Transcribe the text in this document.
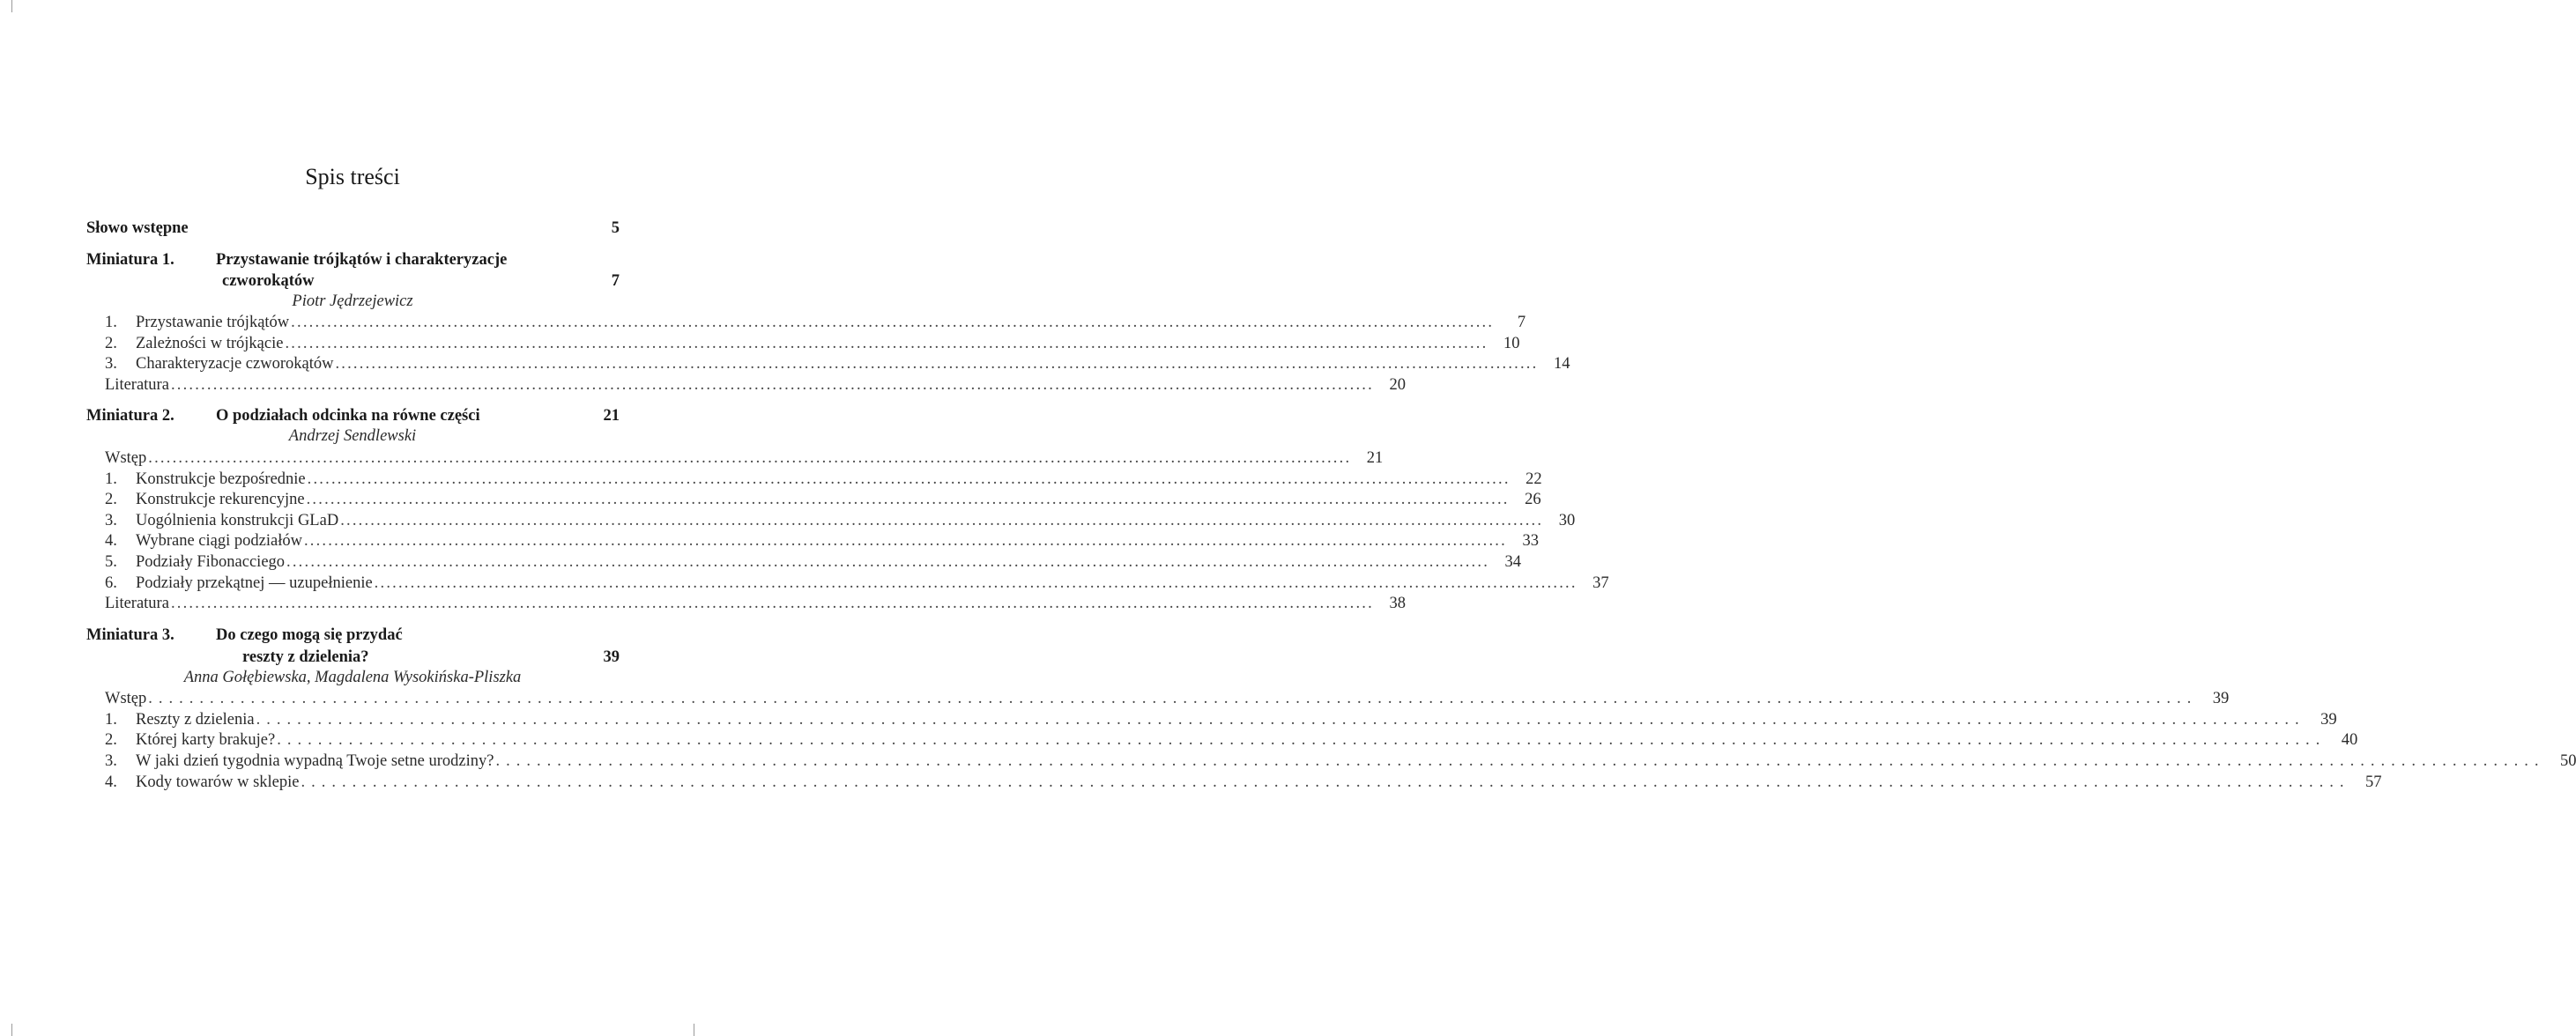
Spis treści
Słowo wstępne	5
Miniatura 1.	Przystawanie trójkątów i charakteryzacje
czworokątów	7
Piotr Jędrzejewicz
1.	Przystawanie trójkątów ........................................................................................................................................................................................................	7
2.	Zależności w trójkącie ........................................................................................................................................................................................................ 10
3.	Charakteryzacje czworokątów ........................................................................................................................................................................................................ 14
Literatura ........................................................................................................................................................................................................ 20
Miniatura 2.	O podziałach odcinka na równe części	21
Andrzej Sendlewski
Wstęp ........................................................................................................................................................................................................ 21
1.	Konstrukcje bezpośrednie ........................................................................................................................................................................................................ 22
2.	Konstrukcje rekurencyjne ........................................................................................................................................................................................................ 26
3.	Uogólnienia konstrukcji GLaD ........................................................................................................................................................................................................ 30
4.	Wybrane ciągi podziałów ........................................................................................................................................................................................................ 33
5.	Podziały Fibonacciego ........................................................................................................................................................................................................ 34
6.	Podziały przekątnej — uzupełnienie ........................................................................................................................................................................................................ 37
Literatura ........................................................................................................................................................................................................ 38
Miniatura 3.	Do czego mogą się przydać
reszty z dzielenia?	39
Anna Gołębiewska, Magdalena Wysokińska-Pliszka
Wstęp ........................................................................................................................................................................................................ 39
1.	Reszty z dzielenia ........................................................................................................................................................................................................ 39
2.	Której karty brakuje? ........................................................................................................................................................................................................ 40
3.	W jaki dzień tygodnia wypadną Twoje setne urodziny? ........................................................................................................................................................................................................ 50
4.	Kody towarów w sklepie ........................................................................................................................................................................................................ 57
